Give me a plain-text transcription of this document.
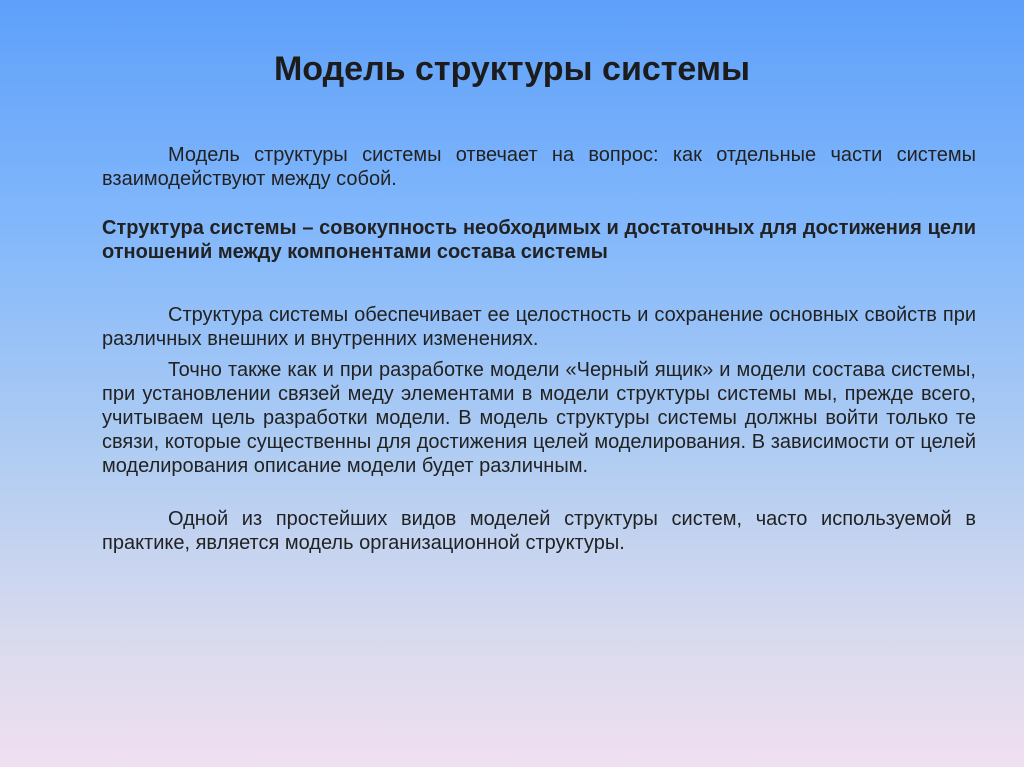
Модель структуры системы

Модель структуры системы отвечает на вопрос: как отдельные части системы взаимодействуют между собой.

Структура системы – совокупность необходимых и достаточных для достижения цели отношений между компонентами состава системы

Структура системы обеспечивает ее целостность и сохранение основных свойств при различных внешних и внутренних изменениях.

Точно также как и при разработке модели «Черный ящик» и модели состава системы, при установлении связей меду элементами в модели структуры системы мы, прежде всего, учитываем цель разработки модели. В модель структуры системы должны войти только те связи, которые существенны для достижения целей моделирования. В зависимости от целей моделирования описание модели будет различным.

Одной из простейших видов моделей структуры систем, часто используемой в практике, является модель организационной структуры.
